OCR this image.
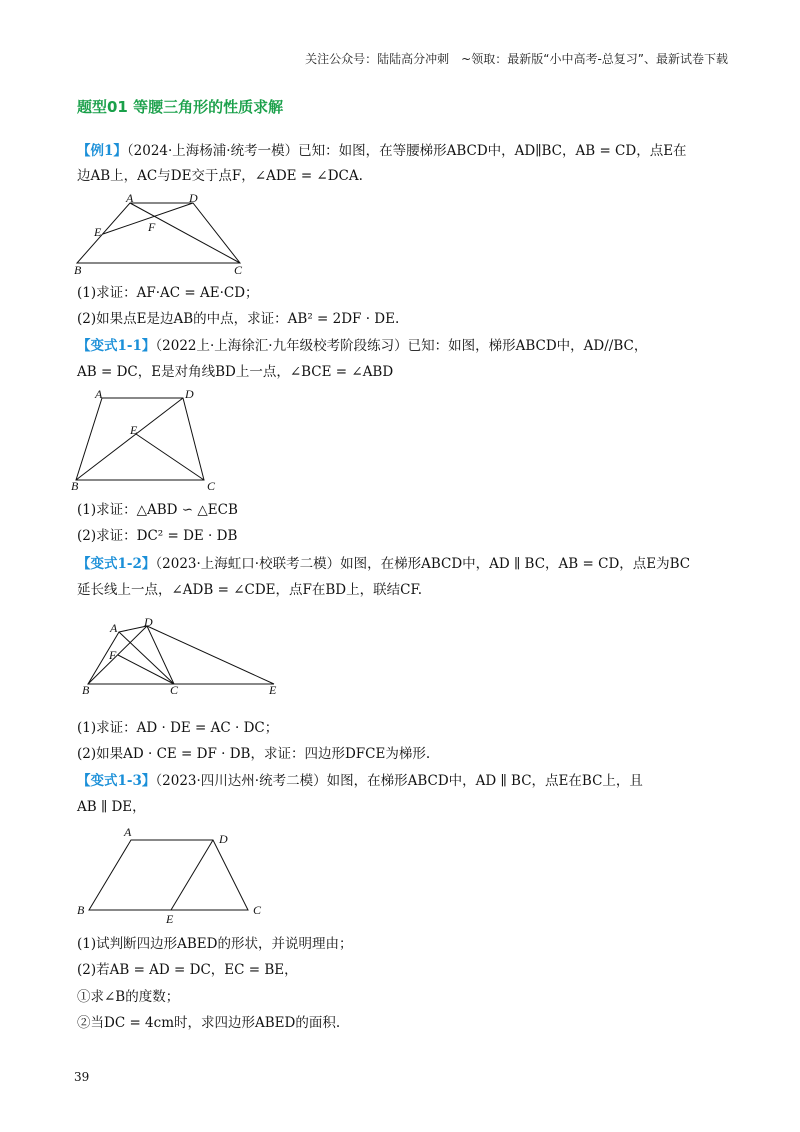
关注公众号：陆陆高分冲刺　~领取：最新版“小中高考-总复习”、最新试卷下载
题型01 等腰三角形的性质求解
【例1】（2024·上海杨浦·统考一模）已知：如图，在等腰梯形ABCD中，AD∥BC，AB = CD，点E在
边AB上，AC与DE交于点F，∠ADE = ∠DCA.
A	D
E	F
B	C
(1)求证：AF·AC = AE·CD；
(2)如果点E是边AB的中点，求证：AB² = 2DF · DE.
【变式1-1】（2022上·上海徐汇·九年级校考阶段练习）已知：如图，梯形ABCD中，AD//BC，
AB = DC，E是对角线BD上一点，∠BCE = ∠ABD
A	D
E
B	C
(1)求证：△ABD ∽ △ECB
(2)求证：DC² = DE · DB
【变式1-2】（2023·上海虹口·校联考二模）如图，在梯形ABCD中，AD ∥ BC，AB = CD，点E为BC
延长线上一点，∠ADB = ∠CDE，点F在BD上，联结CF.
A D
F
B	C	E
(1)求证：AD · DE = AC · DC；
(2)如果AD · CE = DF · DB，求证：四边形DFCE为梯形.
【变式1-3】（2023·四川达州·统考二模）如图，在梯形ABCD中，AD ∥ BC，点E在BC上，且
AB ∥ DE，
A	D
B
E
C
(1)试判断四边形ABED的形状，并说明理由；
(2)若AB = AD = DC，EC = BE，
①求∠B的度数；
②当DC = 4cm时，求四边形ABED的面积.
39
